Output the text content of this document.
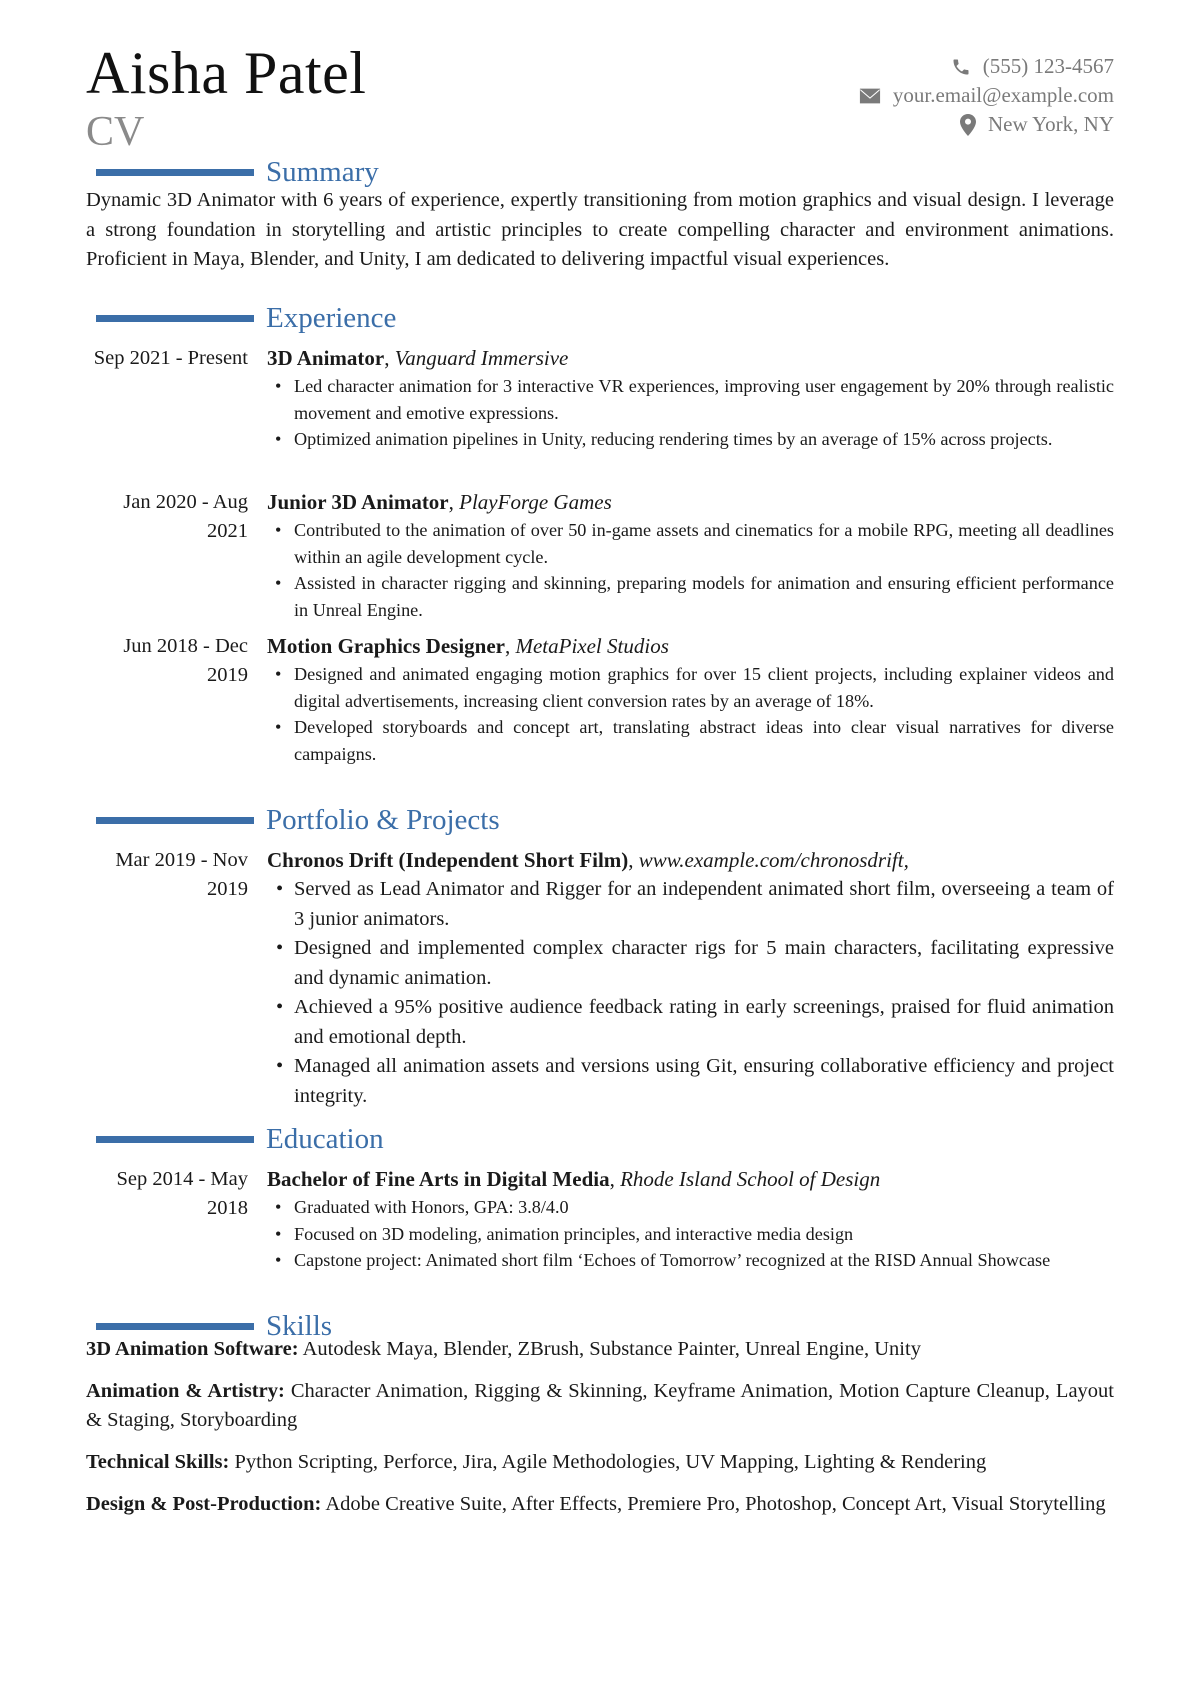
Aisha Patel
CV
(555) 123-4567
your.email@example.com
New York, NY
Summary
Dynamic 3D Animator with 6 years of experience, expertly transitioning from motion graphics and visual design. I leverage a strong foundation in storytelling and artistic principles to create compelling character and environment animations. Proficient in Maya, Blender, and Unity, I am dedicated to delivering impactful visual experiences.
Experience
Sep 2021 - Present 3D Animator, Vanguard Immersive
• Led character animation for 3 interactive VR experiences, improving user engagement by 20% through realistic movement and emotive expressions.
• Optimized animation pipelines in Unity, reducing rendering times by an average of 15% across projects.
Jan 2020 - Aug 2021
Junior 3D Animator, PlayForge Games
• Contributed to the animation of over 50 in-game assets and cinematics for a mobile RPG, meeting all deadlines within an agile development cycle.
• Assisted in character rigging and skinning, preparing models for animation and ensuring efficient performance in Unreal Engine.
Jun 2018 - Dec 2019
Motion Graphics Designer, MetaPixel Studios
• Designed and animated engaging motion graphics for over 15 client projects, including explainer videos and digital advertisements, increasing client conversion rates by an average of 18%.
• Developed storyboards and concept art, translating abstract ideas into clear visual narratives for diverse campaigns.
Portfolio & Projects
Mar 2019 - Nov 2019
Chronos Drift (Independent Short Film), www.example.com/chronosdrift,
• Served as Lead Animator and Rigger for an independent animated short film, overseeing a team of 3 junior animators.
• Designed and implemented complex character rigs for 5 main characters, facilitating expressive and dynamic animation.
• Achieved a 95% positive audience feedback rating in early screenings, praised for fluid animation and emotional depth.
• Managed all animation assets and versions using Git, ensuring collaborative efficiency and project integrity.
Education
Sep 2014 - May 2018
Bachelor of Fine Arts in Digital Media, Rhode Island School of Design
• Graduated with Honors, GPA: 3.8/4.0
• Focused on 3D modeling, animation principles, and interactive media design
• Capstone project: Animated short film ‘Echoes of Tomorrow’ recognized at the RISD Annual Showcase
Skills
3D Animation Software: Autodesk Maya, Blender, ZBrush, Substance Painter, Unreal Engine, Unity
Animation & Artistry: Character Animation, Rigging & Skinning, Keyframe Animation, Motion Capture Cleanup, Layout & Staging, Storyboarding
Technical Skills: Python Scripting, Perforce, Jira, Agile Methodologies, UV Mapping, Lighting & Rendering
Design & Post-Production: Adobe Creative Suite, After Effects, Premiere Pro, Photoshop, Concept Art, Visual Storytelling
